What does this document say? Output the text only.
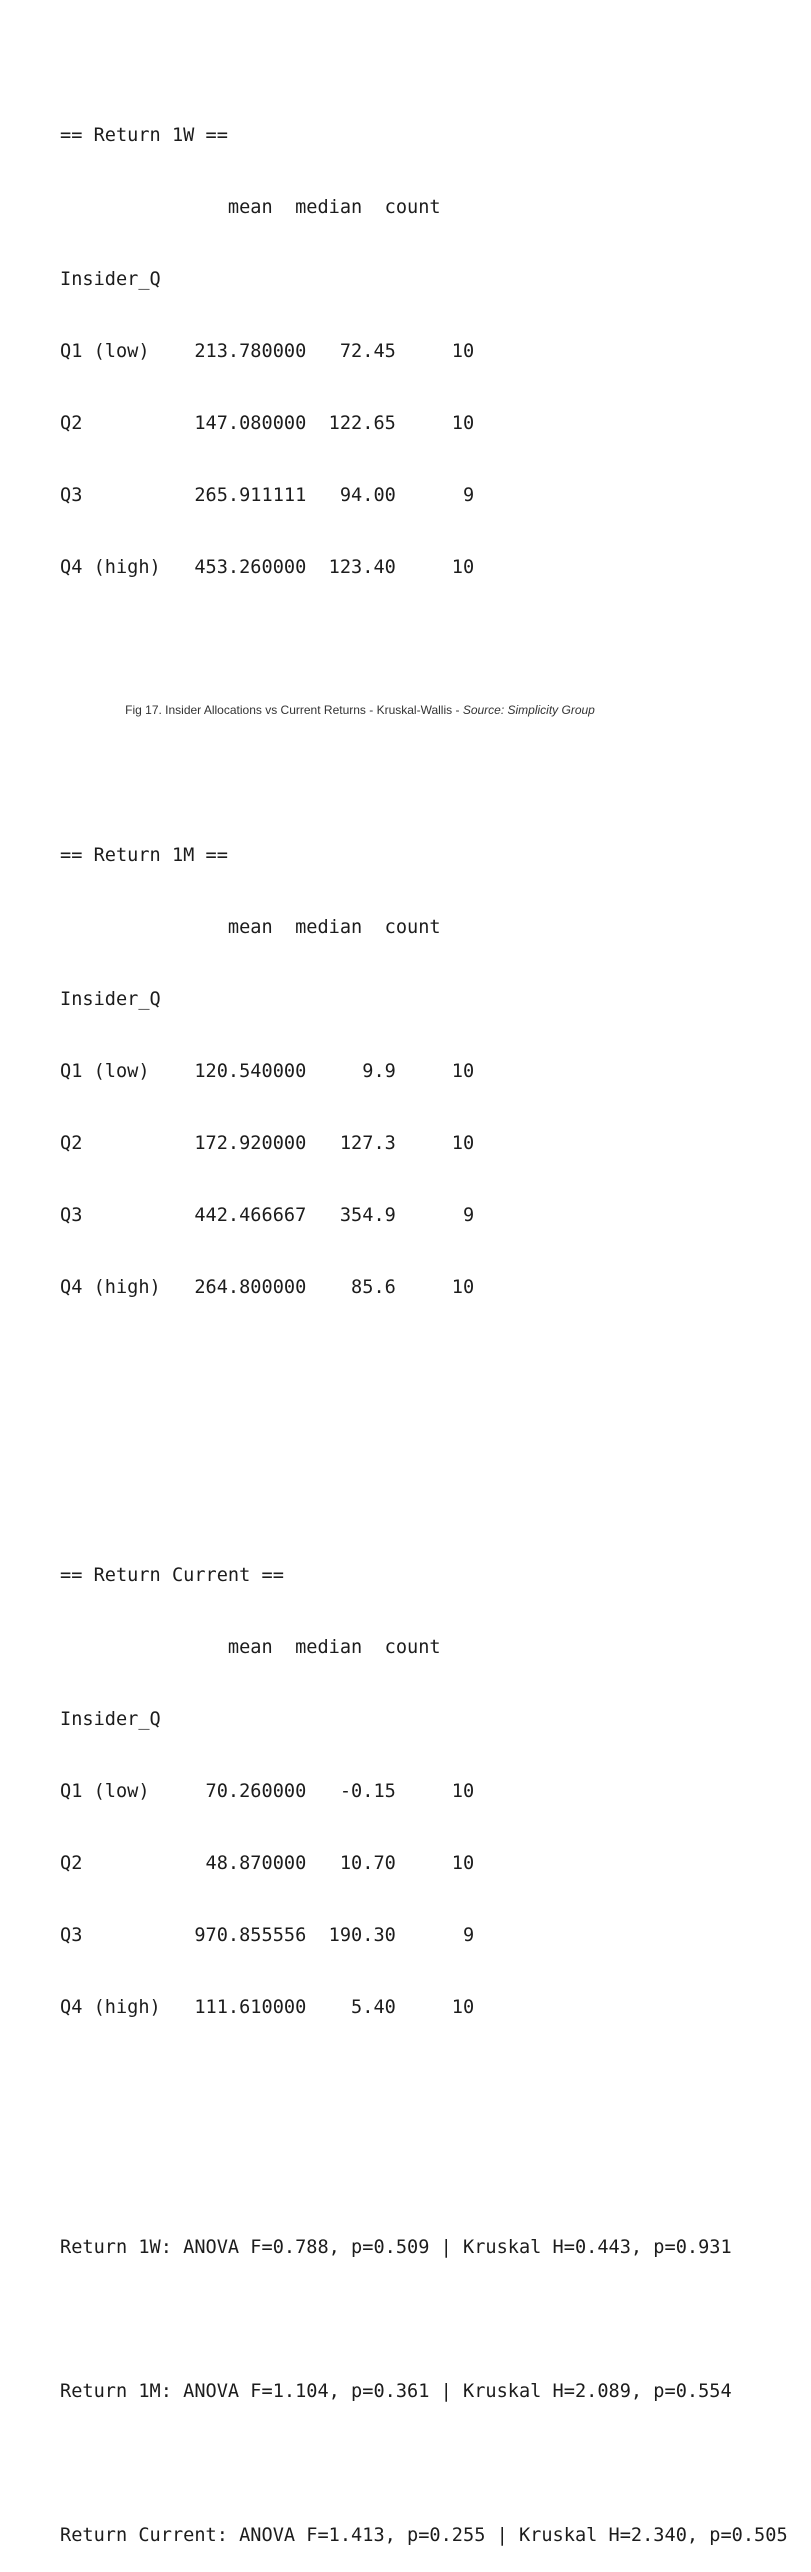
== Return 1W ==

mean  median  count

Insider_Q

Q1 (low)    213.780000   72.45     10

Q2          147.080000  122.65     10

Q3          265.911111   94.00      9

Q4 (high)   453.260000  123.40     10

== Return 1M ==

mean  median  count

Insider_Q

Q1 (low)    120.540000     9.9     10

Q2          172.920000   127.3     10

Q3          442.466667   354.9      9

Q4 (high)   264.800000    85.6     10

== Return Current ==

mean  median  count

Insider_Q

Q1 (low)     70.260000   -0.15     10

Q2           48.870000   10.70     10

Q3          970.855556  190.30      9

Q4 (high)   111.610000    5.40     10

Return 1W: ANOVA F=0.788, p=0.509 | Kruskal H=0.443, p=0.931

Return 1M: ANOVA F=1.104, p=0.361 | Kruskal H=2.089, p=0.554

Return Current: ANOVA F=1.413, p=0.255 | Kruskal H=2.340, p=0.505

Fig 17. Insider Allocations vs Current Returns - Kruskal-Wallis - Source: Simplicity Group
